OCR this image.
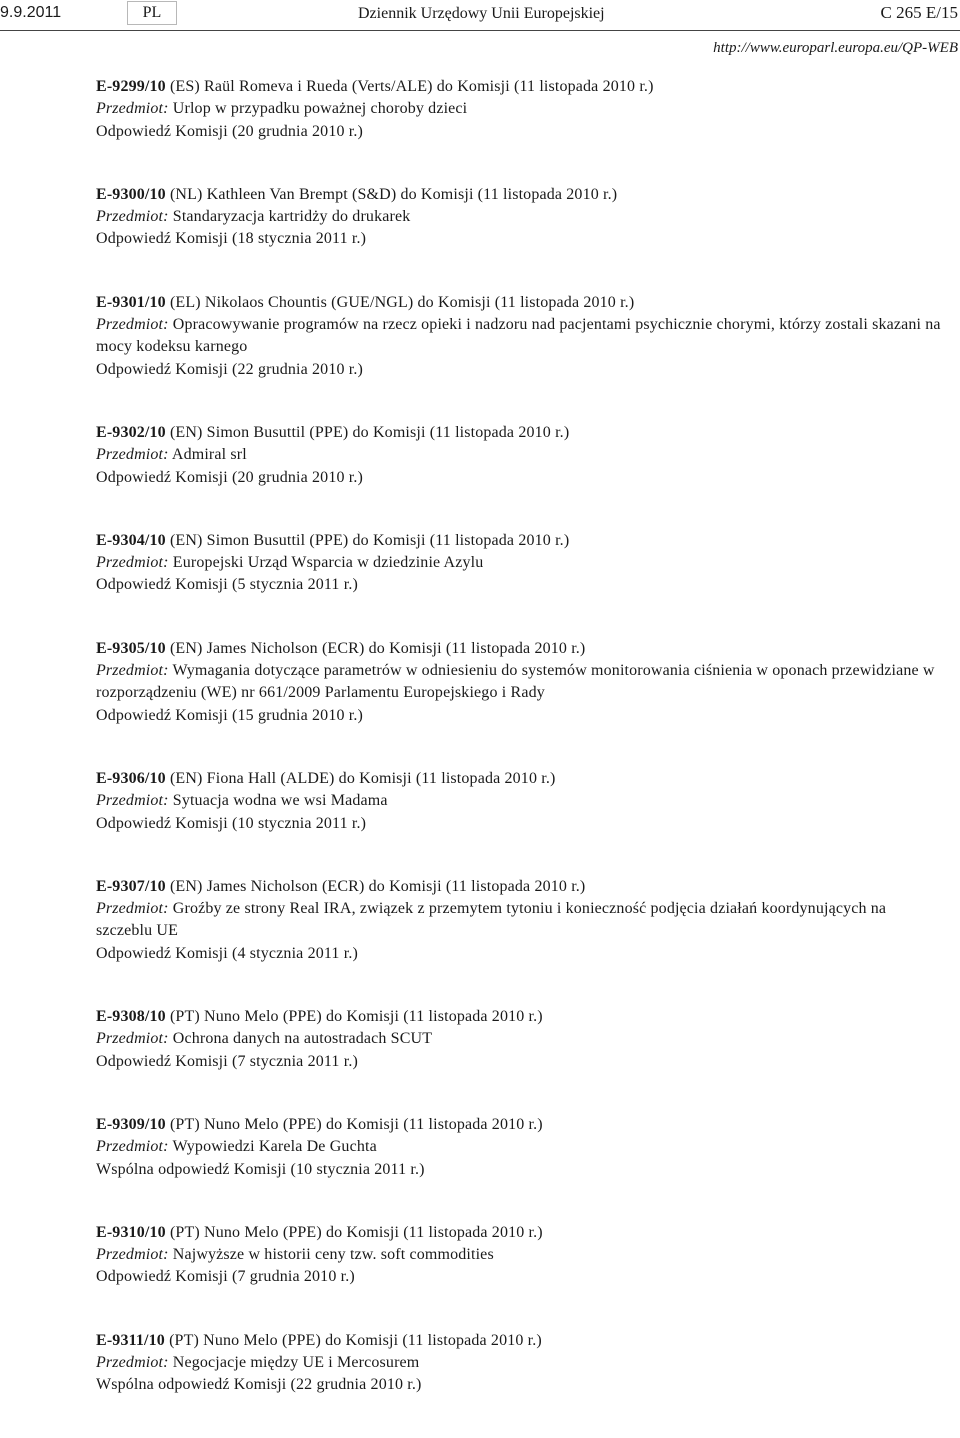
9.9.2011	PL	Dziennik Urzędowy Unii Europejskiej	C 265 E/15
http://www.europarl.europa.eu/QP-WEB
E-9299/10 (ES) Raül Romeva i Rueda (Verts/ALE) do Komisji (11 listopada 2010 r.)
Przedmiot: Urlop w przypadku poważnej choroby dzieci
Odpowiedź Komisji (20 grudnia 2010 r.)
E-9300/10 (NL) Kathleen Van Brempt (S&D) do Komisji (11 listopada 2010 r.)
Przedmiot: Standaryzacja kartridży do drukarek
Odpowiedź Komisji (18 stycznia 2011 r.)
E-9301/10 (EL) Nikolaos Chountis (GUE/NGL) do Komisji (11 listopada 2010 r.)
Przedmiot: Opracowywanie programów na rzecz opieki i nadzoru nad pacjentami psychicznie chorymi, którzy zostali skazani na mocy kodeksu karnego
Odpowiedź Komisji (22 grudnia 2010 r.)
E-9302/10 (EN) Simon Busuttil (PPE) do Komisji (11 listopada 2010 r.)
Przedmiot: Admiral srl
Odpowiedź Komisji (20 grudnia 2010 r.)
E-9304/10 (EN) Simon Busuttil (PPE) do Komisji (11 listopada 2010 r.)
Przedmiot: Europejski Urząd Wsparcia w dziedzinie Azylu
Odpowiedź Komisji (5 stycznia 2011 r.)
E-9305/10 (EN) James Nicholson (ECR) do Komisji (11 listopada 2010 r.)
Przedmiot: Wymagania dotyczące parametrów w odniesieniu do systemów monitorowania ciśnienia w oponach przewidziane w rozporządzeniu (WE) nr 661/2009 Parlamentu Europejskiego i Rady
Odpowiedź Komisji (15 grudnia 2010 r.)
E-9306/10 (EN) Fiona Hall (ALDE) do Komisji (11 listopada 2010 r.)
Przedmiot: Sytuacja wodna we wsi Madama
Odpowiedź Komisji (10 stycznia 2011 r.)
E-9307/10 (EN) James Nicholson (ECR) do Komisji (11 listopada 2010 r.)
Przedmiot: Groźby ze strony Real IRA, związek z przemytem tytoniu i konieczność podjęcia działań koordynujących na szczeblu UE
Odpowiedź Komisji (4 stycznia 2011 r.)
E-9308/10 (PT) Nuno Melo (PPE) do Komisji (11 listopada 2010 r.)
Przedmiot: Ochrona danych na autostradach SCUT
Odpowiedź Komisji (7 stycznia 2011 r.)
E-9309/10 (PT) Nuno Melo (PPE) do Komisji (11 listopada 2010 r.)
Przedmiot: Wypowiedzi Karela De Guchta
Wspólna odpowiedź Komisji (10 stycznia 2011 r.)
E-9310/10 (PT) Nuno Melo (PPE) do Komisji (11 listopada 2010 r.)
Przedmiot: Najwyższe w historii ceny tzw. soft commodities
Odpowiedź Komisji (7 grudnia 2010 r.)
E-9311/10 (PT) Nuno Melo (PPE) do Komisji (11 listopada 2010 r.)
Przedmiot: Negocjacje między UE i Mercosurem
Wspólna odpowiedź Komisji (22 grudnia 2010 r.)
